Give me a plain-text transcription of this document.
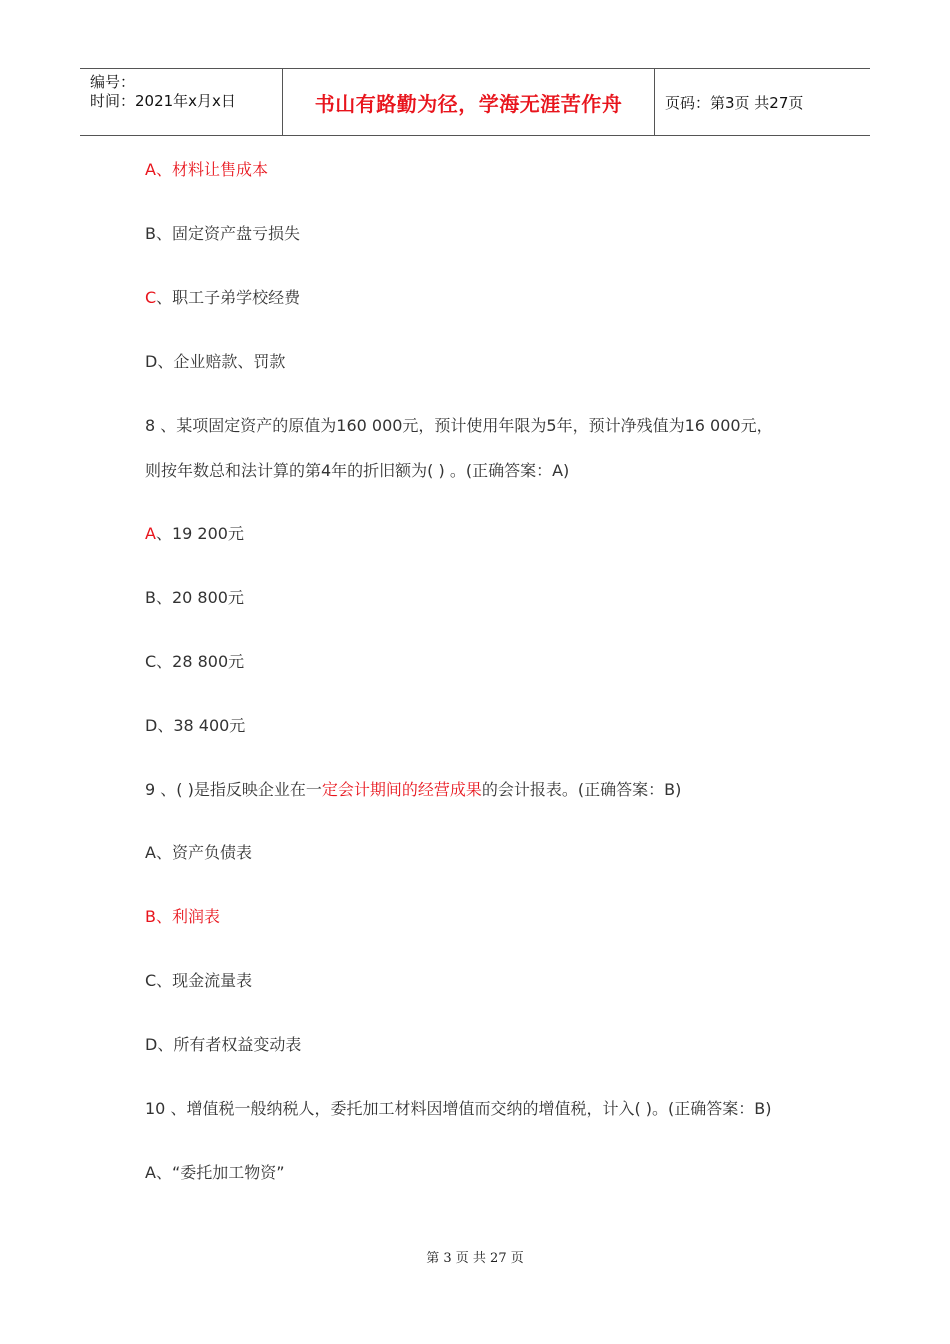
编号：
时间：2021年x月x日	书山有路勤为径，学海无涯苦作舟	页码：第3页 共27页
A、材料让售成本
B、固定资产盘亏损失
C、职工子弟学校经费
D、企业赔款、罚款
8 、某项固定资产的原值为160 000元，预计使用年限为5年，预计净残值为16 000元，
则按年数总和法计算的第4年的折旧额为( ) 。(正确答案：A)
A、19 200元
B、20 800元
C、28 800元
D、38 400元
9 、( )是指反映企业在一定会计期间的经营成果的会计报表。(正确答案：B)
A、资产负债表
B、利润表
C、现金流量表
D、所有者权益变动表
10 、增值税一般纳税人，委托加工材料因增值而交纳的增值税，计入( )。(正确答案：B)
A、“委托加工物资”
第 3 页 共 27 页
